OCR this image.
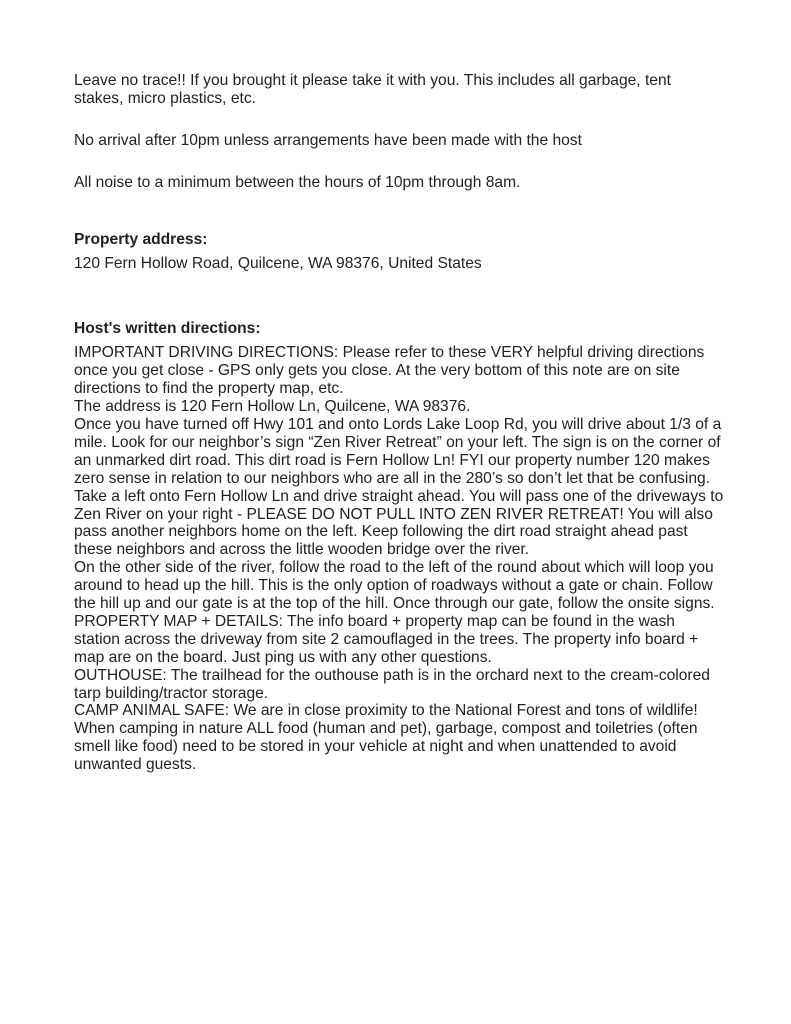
Leave no trace!! If you brought it please take it with you. This includes all garbage, tent stakes, micro plastics, etc.

No arrival after 10pm unless arrangements have been made with the host

All noise to a minimum between the hours of 10pm through 8am.

Property address:

120 Fern Hollow Road, Quilcene, WA 98376, United States

Host's written directions:

IMPORTANT DRIVING DIRECTIONS: Please refer to these VERY helpful driving directions once you get close - GPS only gets you close. At the very bottom of this note are on site directions to find the property map, etc.

The address is 120 Fern Hollow Ln, Quilcene, WA 98376.

Once you have turned off Hwy 101 and onto Lords Lake Loop Rd, you will drive about 1/3 of a mile. Look for our neighbor’s sign “Zen River Retreat” on your left. The sign is on the corner of an unmarked dirt road. This dirt road is Fern Hollow Ln! FYI our property number 120 makes zero sense in relation to our neighbors who are all in the 280’s so don’t let that be confusing. Take a left onto Fern Hollow Ln and drive straight ahead. You will pass one of the driveways to Zen River on your right - PLEASE DO NOT PULL INTO ZEN RIVER RETREAT! You will also pass another neighbors home on the left. Keep following the dirt road straight ahead past these neighbors and across the little wooden bridge over the river.

On the other side of the river, follow the road to the left of the round about which will loop you around to head up the hill. This is the only option of roadways without a gate or chain. Follow the hill up and our gate is at the top of the hill. Once through our gate, follow the onsite signs.

PROPERTY MAP + DETAILS: The info board + property map can be found in the wash station across the driveway from site 2 camouflaged in the trees. The property info board + map are on the board. Just ping us with any other questions.

OUTHOUSE: The trailhead for the outhouse path is in the orchard next to the cream-colored tarp building/tractor storage.

CAMP ANIMAL SAFE: We are in close proximity to the National Forest and tons of wildlife! When camping in nature ALL food (human and pet), garbage, compost and toiletries (often smell like food) need to be stored in your vehicle at night and when unattended to avoid unwanted guests.
